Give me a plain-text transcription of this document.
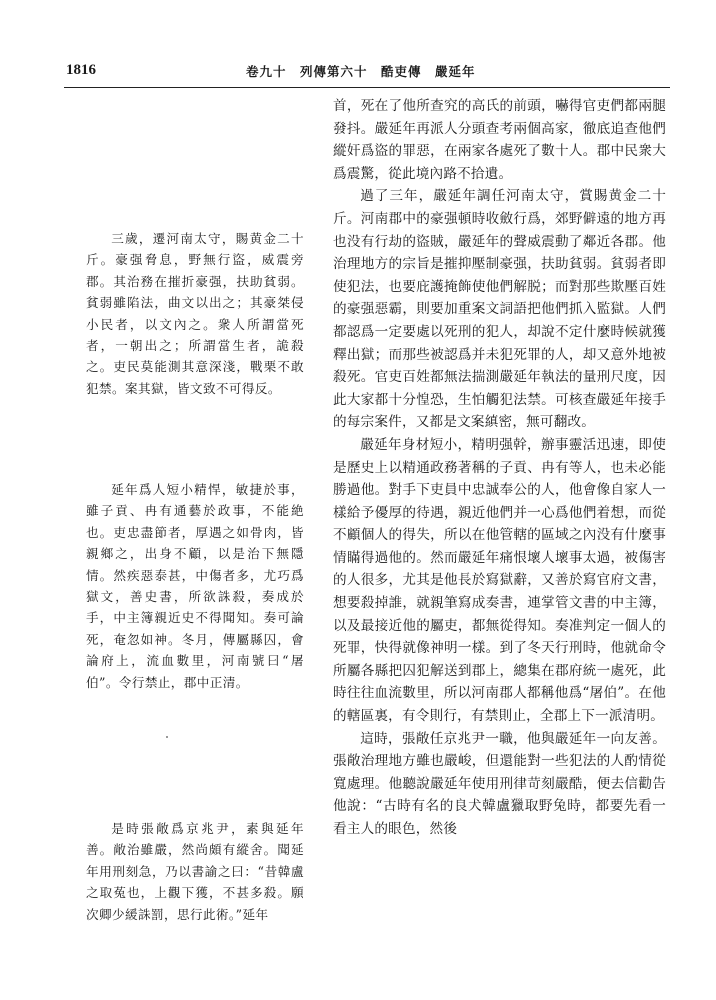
1816	卷九十　列傳第六十　酷吏傳　嚴延年

三歲，遷河南太守，賜黄金二十斤。豪强脅息，野無行盜，威震旁郡。其治務在摧折豪强，扶助貧弱。貧弱雖陷法，曲文以出之；其豪桀侵小民者，以文內之。衆人所謂當死者，一朝出之；所謂當生者，詭殺之。吏民莫能測其意深淺，戰栗不敢犯禁。案其獄，皆文致不可得反。

延年爲人短小精悍，敏捷於事，雖子貢、冉有通藝於政事，不能絶也。吏忠盡節者，厚遇之如骨肉，皆親鄉之，出身不顧，以是治下無隱情。然疾惡泰甚，中傷者多，尤巧爲獄文，善史書，所欲誅殺，奏成於手，中主簿親近史不得聞知。奏可論死，奄忽如神。冬月，傳屬縣囚，會論府上，流血數里，河南號曰“屠伯”。令行禁止，郡中正清。

是時張敞爲京兆尹，素與延年善。敞治雖嚴，然尚頗有縱舍。聞延年用刑刻急，乃以書諭之曰：“昔韓盧之取菟也，上觀下獲，不甚多殺。願次卿少緩誅罰，思行此術。”延年

首，死在了他所查究的高氏的前頭，嚇得官吏們都兩腿發抖。嚴延年再派人分頭查考兩個高家，徹底追查他們縱奸爲盜的罪惡，在兩家各處死了數十人。郡中民衆大爲震驚，從此境內路不拾遺。

過了三年，嚴延年調任河南太守，賞賜黄金二十斤。河南郡中的豪强頓時收斂行爲，郊野僻遠的地方再也没有行劫的盜賊，嚴延年的聲威震動了鄰近各郡。他治理地方的宗旨是摧抑壓制豪强，扶助貧弱。貧弱者即使犯法，也要庇護掩飾使他們解脱；而對那些欺壓百姓的豪强惡霸，則要加重案文詞語把他們抓入監獄。人們都認爲一定要處以死刑的犯人，却說不定什麼時候就獲釋出獄；而那些被認爲并未犯死罪的人，却又意外地被殺死。官吏百姓都無法揣測嚴延年執法的量刑尺度，因此大家都十分惶恐，生怕觸犯法禁。可核查嚴延年接手的每宗案件，又都是文案縝密，無可翻改。

嚴延年身材短小，精明强幹，辦事靈活迅速，即使是歷史上以精通政務著稱的子貢、冉有等人，也未必能勝過他。對手下吏員中忠誠奉公的人，他會像自家人一樣給予優厚的待遇，親近他們并一心爲他們着想，而從不顧個人的得失，所以在他管轄的區域之內没有什麼事情瞞得過他的。然而嚴延年痛恨壞人壞事太過，被傷害的人很多，尤其是他長於寫獄辭，又善於寫官府文書，想要殺掉誰，就親筆寫成奏書，連掌管文書的中主簿，以及最接近他的屬吏，都無從得知。奏准判定一個人的死罪，快得就像神明一樣。到了冬天行刑時，他就命令所屬各縣把囚犯解送到郡上，總集在郡府統一處死，此時往往血流數里，所以河南郡人都稱他爲“屠伯”。在他的轄區裏，有令則行，有禁則止，全郡上下一派清明。

這時，張敞任京兆尹一職，他與嚴延年一向友善。張敞治理地方雖也嚴峻，但還能對一些犯法的人酌情從寬處理。他聽說嚴延年使用刑律苛刻嚴酷，便去信勸告他說：“古時有名的良犬韓盧獵取野兔時，都要先看一看主人的眼色，然後
